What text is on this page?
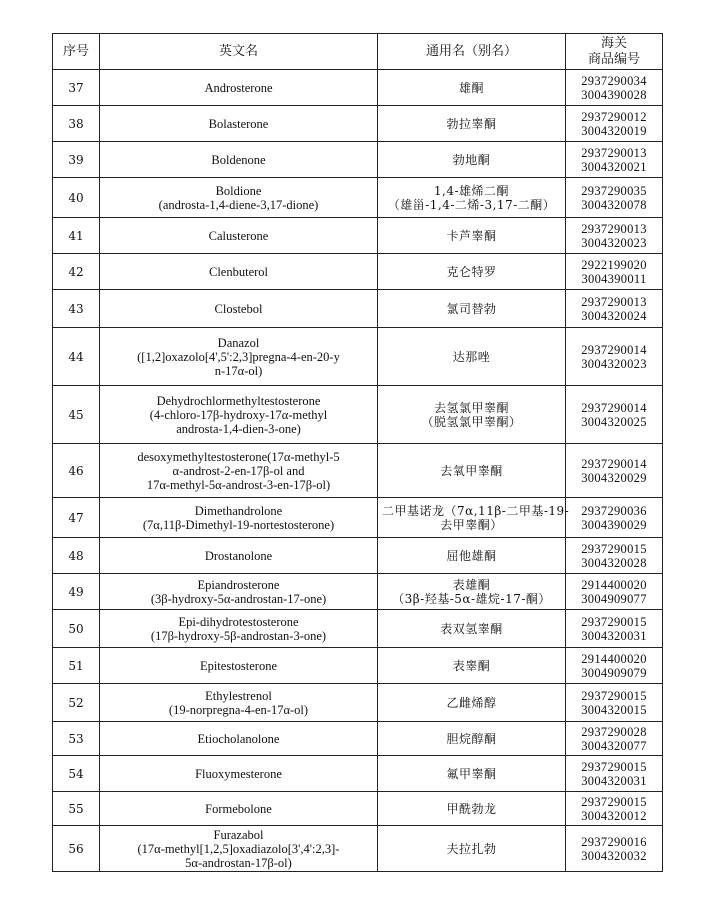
序号	英文名	通用名（别名）	海关
商品编号

37	Androsterone	雄酮	2937290034
3004390028

38	Bolasterone	勃拉睾酮	2937290012
3004320019

39	Boldenone	勃地酮	2937290013
3004320021

40	Boldione
(androsta-1,4-diene-3,17-dione)	1,4-雄烯二酮
（雄甾-1,4-二烯-3,17-二酮）	2937290035
3004320078

41	Calusterone	卡芦睾酮	2937290013
3004320023

42	Clenbuterol	克仑特罗	2922199020
3004390011

43	Clostebol	氯司替勃	2937290013
3004320024

44	Danazol
([1,2]oxazolo[4',5':2,3]pregna-4-en-20-y
n-17α-ol)	达那唑	2937290014
3004320023

45	Dehydrochlormethyltestosterone
(4-chloro-17β-hydroxy-17α-methyl
androsta-1,4-dien-3-one)	去氢氯甲睾酮
（脱氢氯甲睾酮）	2937290014
3004320025

46	desoxymethyltestosterone(17α-methyl-5
α-androst-2-en-17β-ol and
17α-methyl-5α-androst-3-en-17β-ol)	去氧甲睾酮	2937290014
3004320029

47	Dimethandrolone
(7α,11β-Dimethyl-19-nortestosterone)	二甲基诺龙（7α,11β-二甲基-19-
去甲睾酮）	2937290036
3004390029

48	Drostanolone	屈他雄酮	2937290015
3004320028

49	Epiandrosterone
(3β-hydroxy-5α-androstan-17-one)	表雄酮
（3β-羟基-5α-雄烷-17-酮）	2914400020
3004909077

50	Epi-dihydrotestosterone
(17β-hydroxy-5β-androstan-3-one)	表双氢睾酮	2937290015
3004320031

51	Epitestosterone	表睾酮	2914400020
3004909079

52	Ethylestrenol
(19-norpregna-4-en-17α-ol)	乙雌烯醇	2937290015
3004320015

53	Etiocholanolone	胆烷醇酮	2937290028
3004320077

54	Fluoxymesterone	氟甲睾酮	2937290015
3004320031

55	Formebolone	甲酰勃龙	2937290015
3004320012

56	Furazabol
(17α-methyl[1,2,5]oxadiazolo[3',4':2,3]-
5α-androstan-17β-ol)	夫拉扎勃	2937290016
3004320032
